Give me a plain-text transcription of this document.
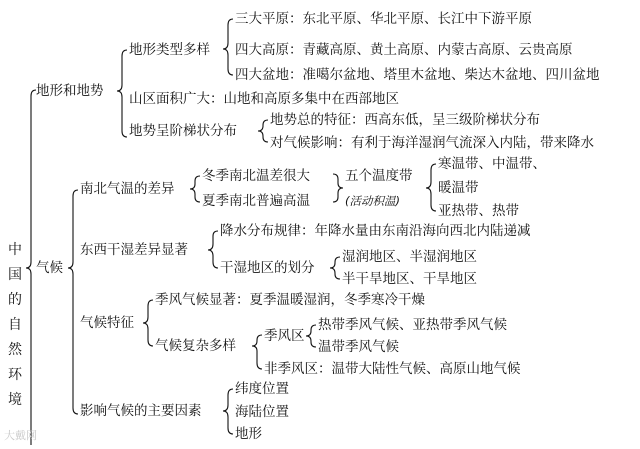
中国的自然环境
地形和地势
地形类型多样
三大平原：东北平原、华北平原、长江中下游平原
四大高原：青藏高原、黄土高原、内蒙古高原、云贵高原
四大盆地：准噶尔盆地、塔里木盆地、柴达木盆地、四川盆地
山区面积广大：山地和高原多集中在西部地区
地势呈阶梯状分布
地势总的特征：西高东低，呈三级阶梯状分布
对气候影响：有利于海洋湿润气流深入内陆，带来降水
气候
南北气温的差异
冬季南北温差很大
夏季南北普遍高温
五个温度带
(活动积温)
寒温带、中温带、
暖温带
亚热带、热带
东西干湿差异显著
降水分布规律：年降水量由东南沿海向西北内陆递减
干湿地区的划分
湿润地区、半湿润地区
半干旱地区、干旱地区
气候特征
季风气候显著：夏季温暖湿润，冬季寒冷干燥
气候复杂多样
季风区
热带季风气候、亚热带季风气候
温带季风气候
非季风区：温带大陆性气候、高原山地气候
影响气候的主要因素
纬度位置
海陆位置
地形
大戴网
